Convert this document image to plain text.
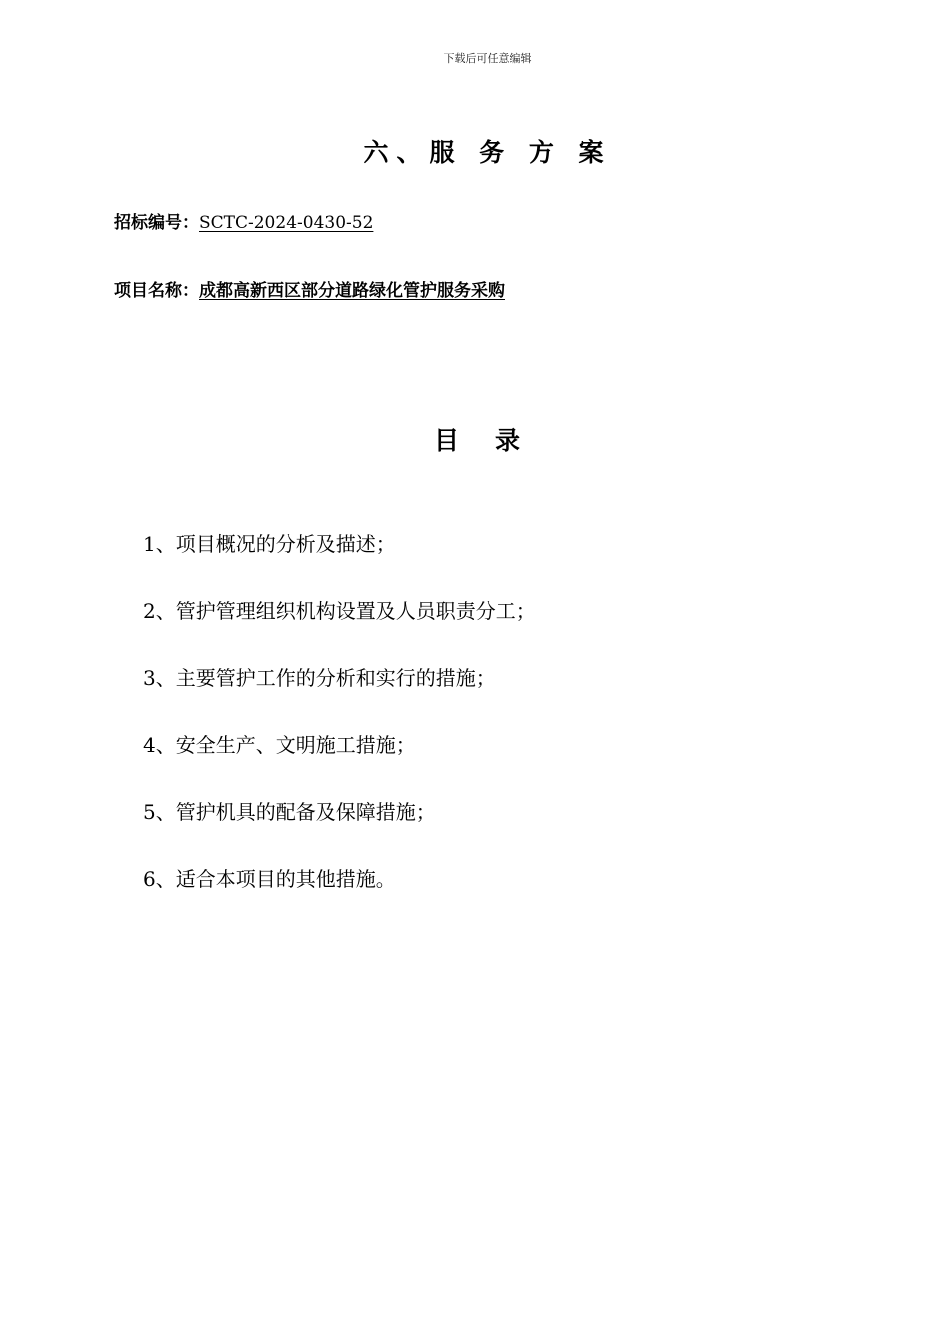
下载后可任意编辑
六、服 务 方 案
招标编号：SCTC-2024-0430-52
项目名称：成都高新西区部分道路绿化管护服务采购
目录
1、项目概况的分析及描述；
2、管护管理组织机构设置及人员职责分工；
3、主要管护工作的分析和实行的措施；
4、安全生产、文明施工措施；
5、管护机具的配备及保障措施；
6、适合本项目的其他措施。
